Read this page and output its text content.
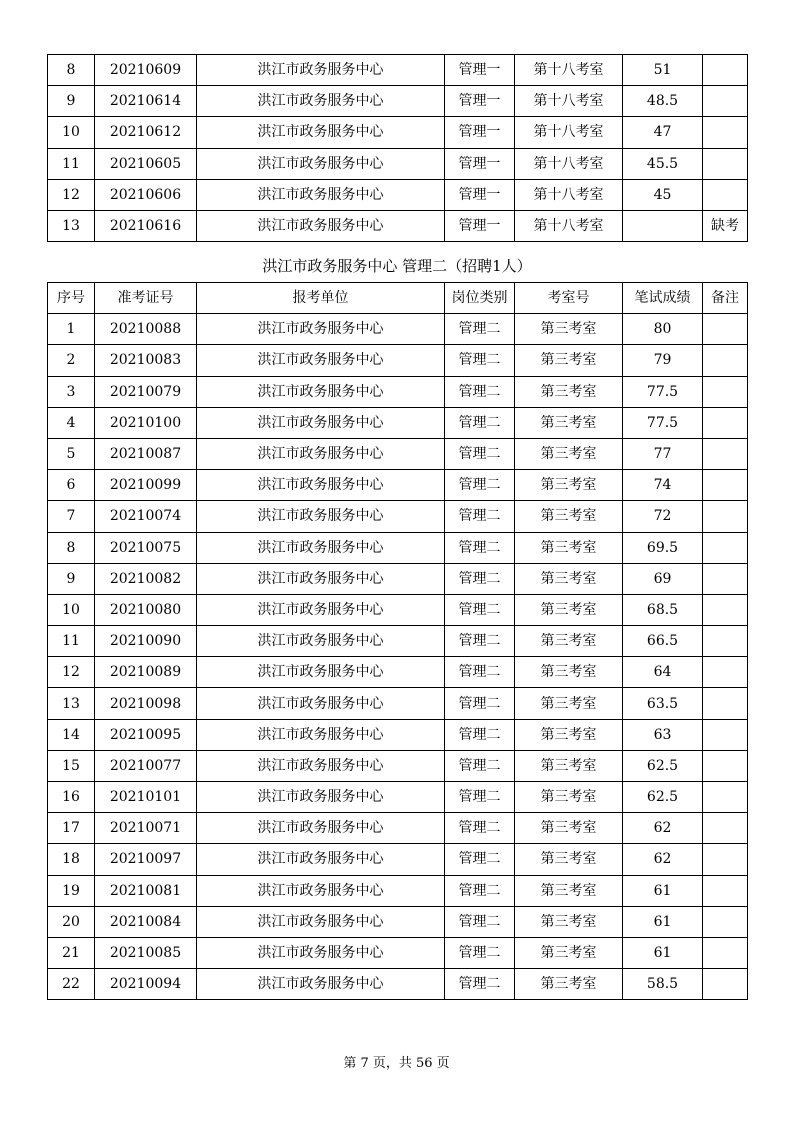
8	20210609	洪江市政务服务中心	管理一	第十八考室	51	
9	20210614	洪江市政务服务中心	管理一	第十八考室	48.5	
10	20210612	洪江市政务服务中心	管理一	第十八考室	47	
11	20210605	洪江市政务服务中心	管理一	第十八考室	45.5	
12	20210606	洪江市政务服务中心	管理一	第十八考室	45	
13	20210616	洪江市政务服务中心	管理一	第十八考室		缺考
洪江市政务服务中心 管理二（招聘1人）
序号	准考证号	报考单位	岗位类别	考室号	笔试成绩	备注
1	20210088	洪江市政务服务中心	管理二	第三考室	80	
2	20210083	洪江市政务服务中心	管理二	第三考室	79	
3	20210079	洪江市政务服务中心	管理二	第三考室	77.5	
4	20210100	洪江市政务服务中心	管理二	第三考室	77.5	
5	20210087	洪江市政务服务中心	管理二	第三考室	77	
6	20210099	洪江市政务服务中心	管理二	第三考室	74	
7	20210074	洪江市政务服务中心	管理二	第三考室	72	
8	20210075	洪江市政务服务中心	管理二	第三考室	69.5	
9	20210082	洪江市政务服务中心	管理二	第三考室	69	
10	20210080	洪江市政务服务中心	管理二	第三考室	68.5	
11	20210090	洪江市政务服务中心	管理二	第三考室	66.5	
12	20210089	洪江市政务服务中心	管理二	第三考室	64	
13	20210098	洪江市政务服务中心	管理二	第三考室	63.5	
14	20210095	洪江市政务服务中心	管理二	第三考室	63	
15	20210077	洪江市政务服务中心	管理二	第三考室	62.5	
16	20210101	洪江市政务服务中心	管理二	第三考室	62.5	
17	20210071	洪江市政务服务中心	管理二	第三考室	62	
18	20210097	洪江市政务服务中心	管理二	第三考室	62	
19	20210081	洪江市政务服务中心	管理二	第三考室	61	
20	20210084	洪江市政务服务中心	管理二	第三考室	61	
21	20210085	洪江市政务服务中心	管理二	第三考室	61	
22	20210094	洪江市政务服务中心	管理二	第三考室	58.5	
第 7 页，共 56 页
